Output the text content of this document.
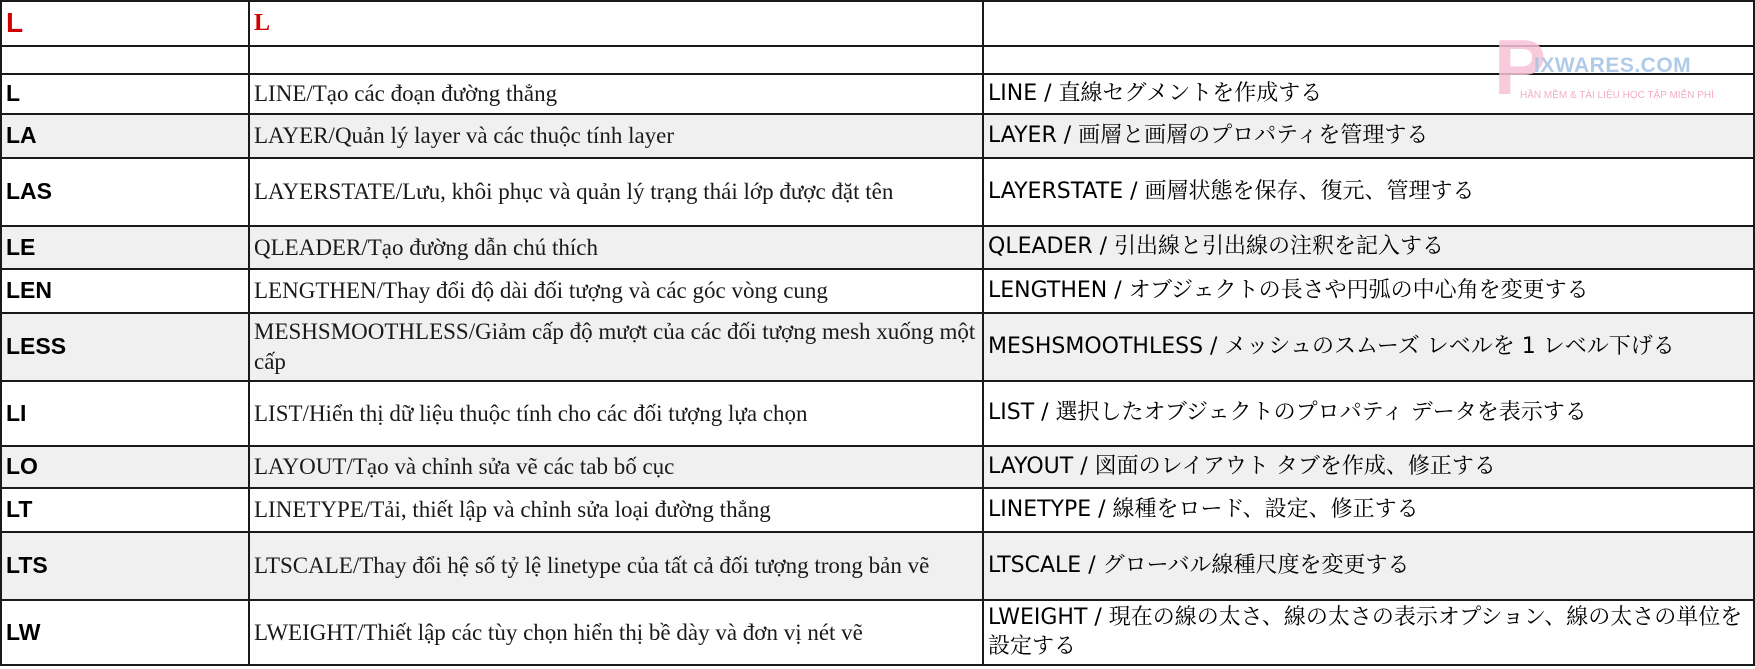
L	L	

L	LINE/Tạo các đoạn đường thẳng	LINE / 直線セグメントを作成する
LA	LAYER/Quản lý layer và các thuộc tính layer	LAYER / 画層と画層のプロパティを管理する
LAS	LAYERSTATE/Lưu, khôi phục và quản lý trạng thái lớp được đặt tên	LAYERSTATE / 画層状態を保存、復元、管理する
LE	QLEADER/Tạo đường dẫn chú thích	QLEADER / 引出線と引出線の注釈を記入する
LEN	LENGTHEN/Thay đổi độ dài đối tượng và các góc vòng cung	LENGTHEN / オブジェクトの長さや円弧の中心角を変更する
LESS	MESHSMOOTHLESS/Giảm cấp độ mượt của các đối tượng mesh xuống một cấp	MESHSMOOTHLESS / メッシュのスムーズ レベルを 1 レベル下げる
LI	LIST/Hiển thị dữ liệu thuộc tính cho các đối tượng lựa chọn	LIST / 選択したオブジェクトのプロパティ データを表示する
LO	LAYOUT/Tạo và chỉnh sửa vẽ các tab bố cục	LAYOUT / 図面のレイアウト タブを作成、修正する
LT	LINETYPE/Tải, thiết lập và chỉnh sửa loại đường thẳng	LINETYPE / 線種をロード、設定、修正する
LTS	LTSCALE/Thay đổi hệ số tỷ lệ linetype của tất cả đối tượng trong bản vẽ	LTSCALE / グローバル線種尺度を変更する
LW	LWEIGHT/Thiết lập các tùy chọn hiển thị bề dày và đơn vị nét vẽ	LWEIGHT / 現在の線の太さ、線の太さの表示オプション、線の太さの単位を設定する
P
IXWARES.COM
HẦN MỀM & TÀI LIỆU HỌC TẬP MIỄN PHÍ
